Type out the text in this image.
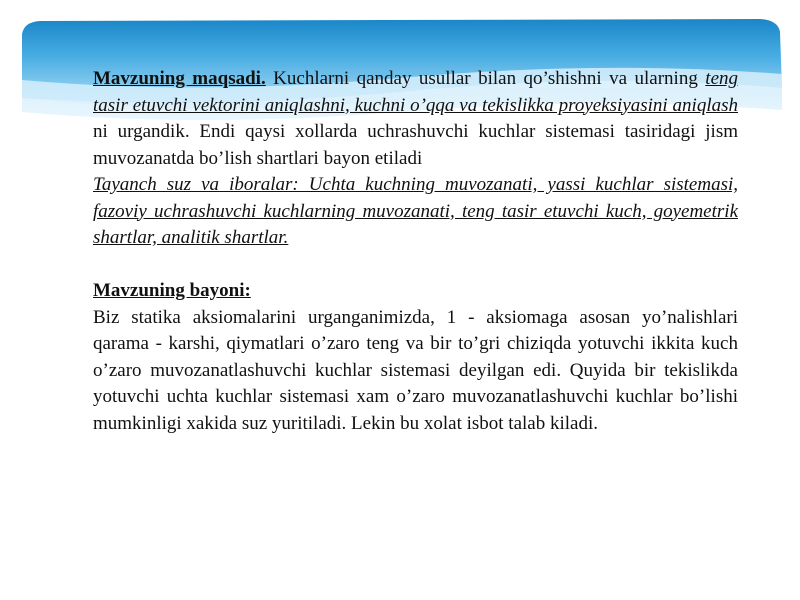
Mavzuning maqsadi. Kuchlarni qanday usullar bilan qo’shishni va ularning teng tasir etuvchi vektorini aniqlashni, kuchni o’qqa va tekislikka proyeksiyasini aniqlash ni urgandik. Endi qaysi xollarda uchrashuvchi kuchlar sistemasi tasiridagi jism muvozanatda bo’lish shartlari bayon etiladi

Tayanch suz va iboralar: Uchta kuchning muvozanati, yassi kuchlar sistemasi, fazoviy uchrashuvchi kuchlarning muvozanati, teng tasir etuvchi kuch, goyemetrik shartlar, analitik shartlar.

Mavzuning bayoni:

Biz statika aksiomalarini urganganimizda, 1 - aksiomaga asosan yo’nalishlari qarama - karshi, qiymatlari o’zaro teng va bir to’gri chiziqda yotuvchi ikkita kuch o’zaro muvozanatlashuvchi kuchlar sistemasi deyilgan edi. Quyida bir tekislikda yotuvchi uchta kuchlar sistemasi xam o’zaro muvozanatlashuvchi kuchlar bo’lishi mumkinligi xakida suz yuritiladi. Lekin bu xolat isbot talab kiladi.
